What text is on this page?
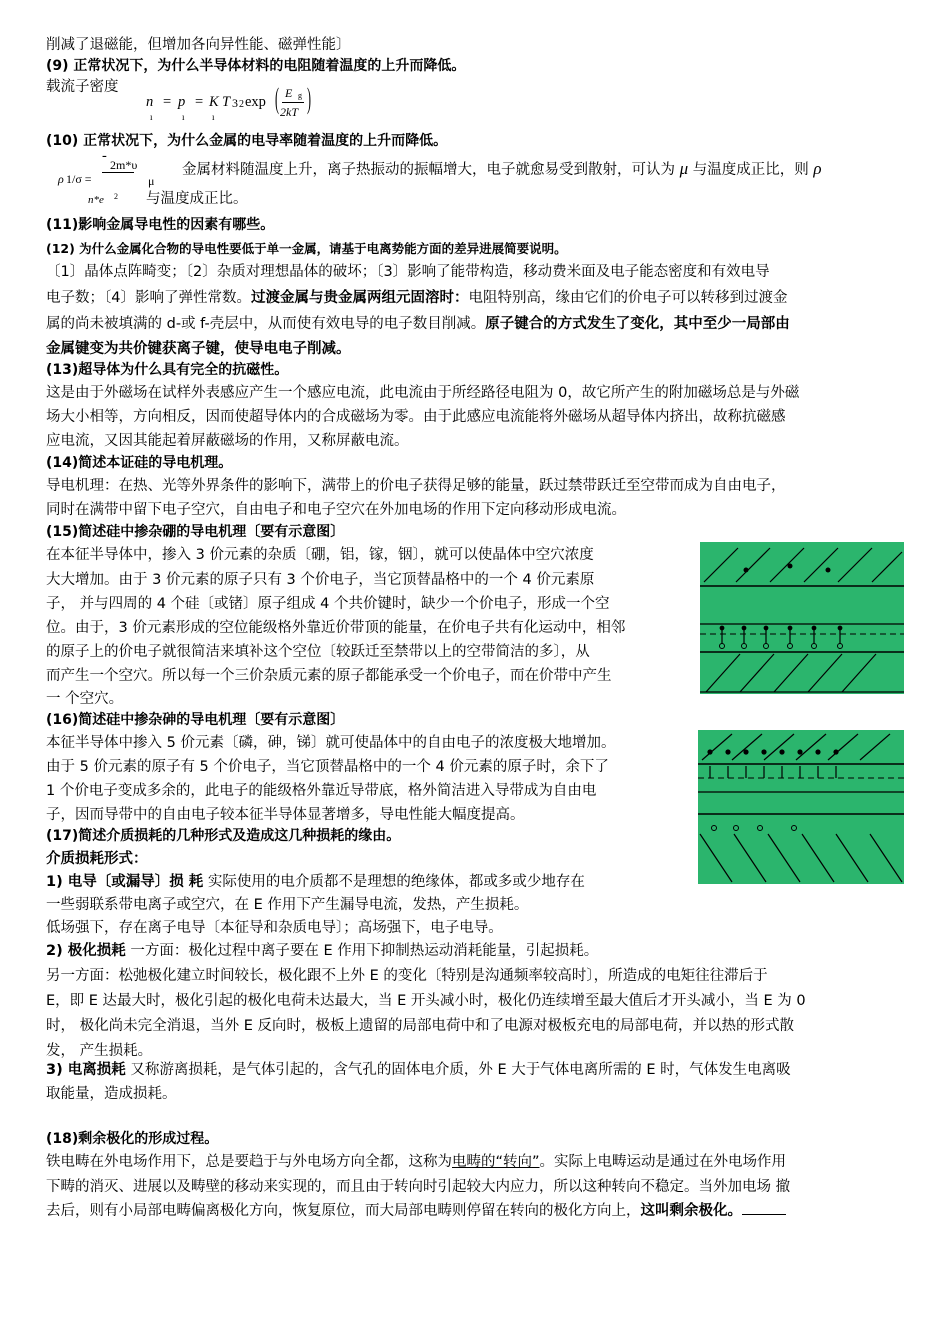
削减了退磁能，但增加各向异性能、磁弹性能〕
(9) 正常状况下，为什么半导体材料的电阻随着温度的上升而降低。
载流子密度
n = p = K T 3 2 exp ( E
2kT
g )
ı	ı	ı
(10) 正常状况下，为什么金属的电导率随着温度的上升而降低。
-
2m*υ
ρ 1/σ =	μ
n*e 2
金属材料随温度上升，离子热振动的振幅增大，电子就愈易受到散射，可认为 μ 与温度成正比，则 ρ
与温度成正比。
(11)影响金属导电性的因素有哪些。
(12) 为什么金属化合物的导电性要低于单一金属，请基于电离势能方面的差异进展简要说明。
〔1〕晶体点阵畸变；〔2〕杂质对理想晶体的破坏；〔3〕影响了能带构造，移动费米面及电子能态密度和有效电导
电子数；〔4〕影响了弹性常数。过渡金属与贵金属两组元固溶时：电阻特别高，缘由它们的价电子可以转移到过渡金
属的尚未被填满的 d-或 f-壳层中，从而使有效电导的电子数目削减。原子键合的方式发生了变化，其中至少一局部由
金属键变为共价键获离子键，使导电电子削减。
(13)超导体为什么具有完全的抗磁性。
这是由于外磁场在试样外表感应产生一个感应电流，此电流由于所经路径电阻为 0，故它所产生的附加磁场总是与外磁
场大小相等，方向相反，因而使超导体内的合成磁场为零。由于此感应电流能将外磁场从超导体内挤出，故称抗磁感
应电流，又因其能起着屏蔽磁场的作用，又称屏蔽电流。
(14)简述本证硅的导电机理。
导电机理：在热、光等外界条件的影响下，满带上的价电子获得足够的能量，跃过禁带跃迁至空带而成为自由电子，
同时在满带中留下电子空穴，自由电子和电子空穴在外加电场的作用下定向移动形成电流。
(15)简述硅中掺杂硼的导电机理〔要有示意图〕
在本征半导体中，掺入 3 价元素的杂质〔硼，铝，镓，铟〕，就可以使晶体中空穴浓度
大大增加。由于 3 价元素的原子只有 3 个价电子，当它顶替晶格中的一个 4 价元素原
子， 并与四周的 4 个硅〔或锗〕原子组成 4 个共价键时，缺少一个价电子，形成一个空
位。由于，3 价元素形成的空位能级格外靠近价带顶的能量，在价电子共有化运动中，相邻
的原子上的价电子就很简洁来填补这个空位〔较跃迁至禁带以上的空带简洁的多〕，从
而产生一个空穴。所以每一个三价杂质元素的原子都能承受一个价电子，而在价带中产生
一 个空穴。
(16)简述硅中掺杂砷的导电机理〔要有示意图〕
本征半导体中掺入 5 价元素〔磷，砷，锑〕就可使晶体中的自由电子的浓度极大地增加。
由于 5 价元素的原子有 5 个价电子，当它顶替晶格中的一个 4 价元素的原子时，余下了
1 个价电子变成多余的，此电子的能级格外靠近导带底，格外简洁进入导带成为自由电
子，因而导带中的自由电子较本征半导体显著增多，导电性能大幅度提高。
(17)简述介质损耗的几种形式及造成这几种损耗的缘由。
介质损耗形式：
1) 电导〔或漏导〕损 耗 实际使用的电介质都不是理想的绝缘体，都或多或少地存在
一些弱联系带电离子或空穴，在 E 作用下产生漏导电流，发热，产生损耗。
低场强下，存在离子电导〔本征导和杂质电导〕；高场强下，电子电导。
2) 极化损耗 一方面：极化过程中离子要在 E 作用下抑制热运动消耗能量，引起损耗。
另一方面：松弛极化建立时间较长，极化跟不上外 E 的变化〔特别是沟通频率较高时〕，所造成的电矩往往滞后于
E，即 E 达最大时，极化引起的极化电荷未达最大，当 E 开头减小时，极化仍连续增至最大值后才开头减小，当 E 为 0
时， 极化尚未完全消退，当外 E 反向时，极板上遗留的局部电荷中和了电源对极板充电的局部电荷，并以热的形式散
发， 产生损耗。
3) 电离损耗 又称游离损耗，是气体引起的，含气孔的固体电介质，外 E 大于气体电离所需的 E 时，气体发生电离吸
取能量，造成损耗。
(18)剩余极化的形成过程。
铁电畴在外电场作用下，总是要趋于与外电场方向全都，这称为电畴的“转向”。实际上电畴运动是通过在外电场作用
下畴的消灭、进展以及畴壁的移动来实现的，而且由于转向时引起较大内应力，所以这种转向不稳定。当外加电场 撤
去后，则有小局部电畴偏离极化方向，恢复原位，而大局部电畴则停留在转向的极化方向上，这叫剩余极化。
